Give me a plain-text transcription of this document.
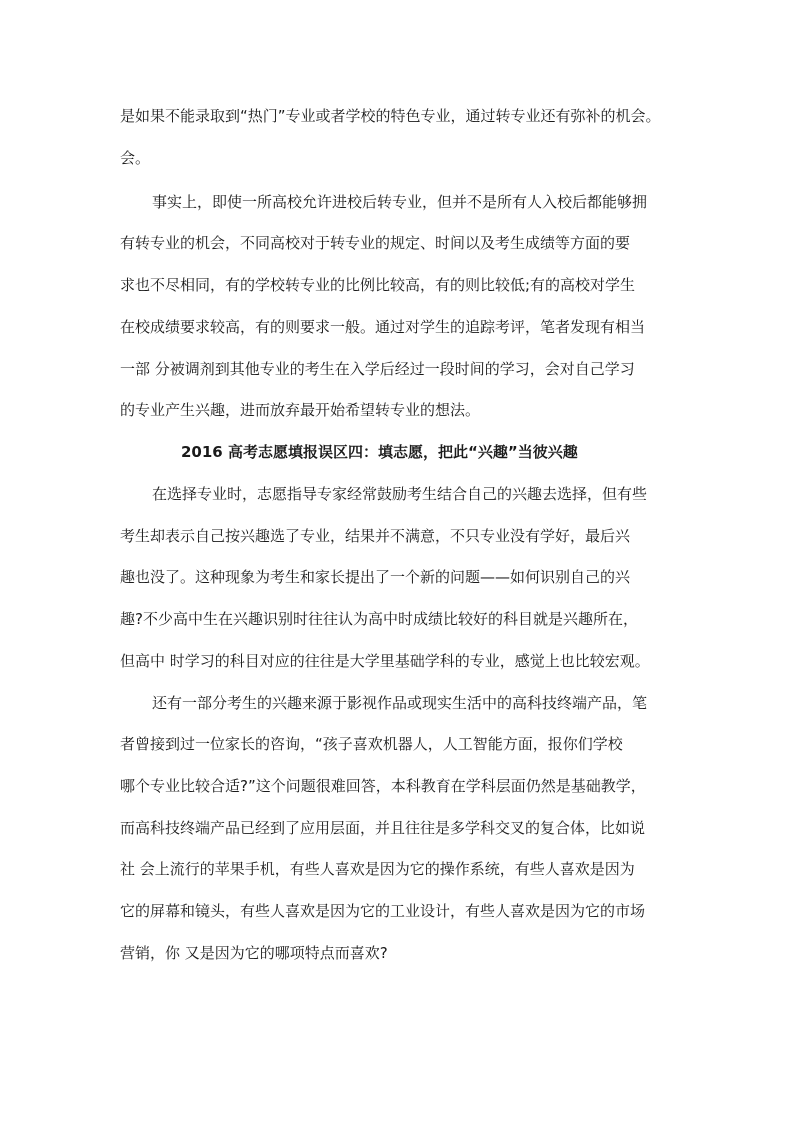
是如果不能录取到“热门”专业或者学校的特色专业，通过转专业还有弥补的机会。
会。
事实上，即使一所高校允许进校后转专业，但并不是所有人入校后都能够拥
有转专业的机会，不同高校对于转专业的规定、时间以及考生成绩等方面的要
求也不尽相同，有的学校转专业的比例比较高，有的则比较低;有的高校对学生
在校成绩要求较高，有的则要求一般。通过对学生的追踪考评，笔者发现有相当
一部 分被调剂到其他专业的考生在入学后经过一段时间的学习，会对自己学习
的专业产生兴趣，进而放弃最开始希望转专业的想法。
2016 高考志愿填报误区四：填志愿，把此“兴趣”当彼兴趣
在选择专业时，志愿指导专家经常鼓励考生结合自己的兴趣去选择，但有些
考生却表示自己按兴趣选了专业，结果并不满意，不只专业没有学好，最后兴
趣也没了。这种现象为考生和家长提出了一个新的问题——如何识别自己的兴
趣?不少高中生在兴趣识别时往往认为高中时成绩比较好的科目就是兴趣所在，
但高中 时学习的科目对应的往往是大学里基础学科的专业，感觉上也比较宏观。
还有一部分考生的兴趣来源于影视作品或现实生活中的高科技终端产品，笔
者曾接到过一位家长的咨询，“孩子喜欢机器人，人工智能方面，报你们学校
哪个专业比较合适?”这个问题很难回答，本科教育在学科层面仍然是基础教学，
而高科技终端产品已经到了应用层面，并且往往是多学科交叉的复合体，比如说
社 会上流行的苹果手机，有些人喜欢是因为它的操作系统，有些人喜欢是因为
它的屏幕和镜头，有些人喜欢是因为它的工业设计，有些人喜欢是因为它的市场
营销，你 又是因为它的哪项特点而喜欢?
